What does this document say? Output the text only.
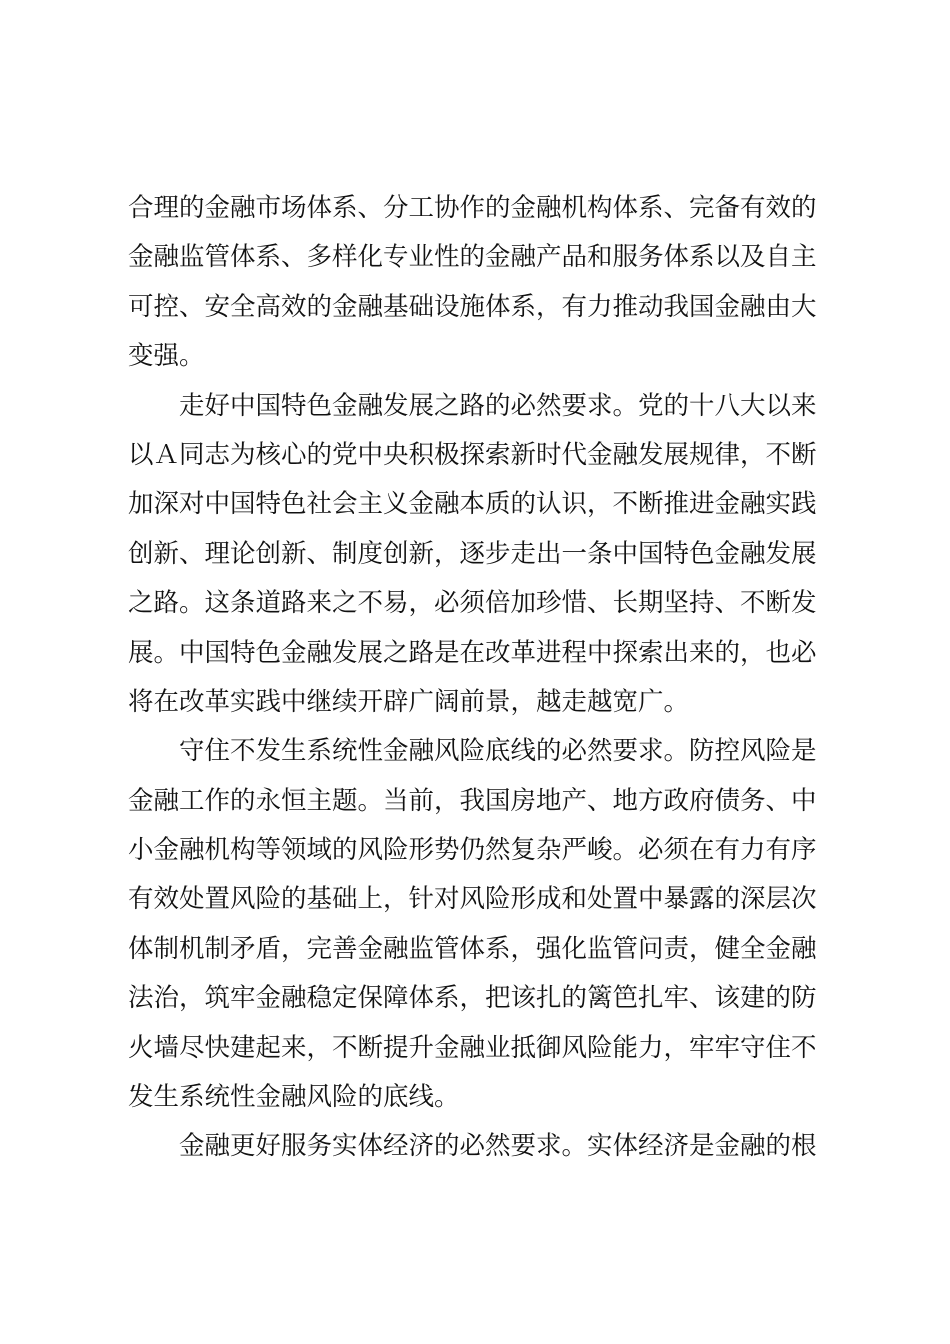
合理的金融市场体系、分工协作的金融机构体系、完备有效的
金融监管体系、多样化专业性的金融产品和服务体系以及自主
可控、安全高效的金融基础设施体系，有力推动我国金融由大
变强。
走好中国特色金融发展之路的必然要求。党的十八大以来
以Ａ同志为核心的党中央积极探索新时代金融发展规律，不断
加深对中国特色社会主义金融本质的认识，不断推进金融实践
创新、理论创新、制度创新，逐步走出一条中国特色金融发展
之路。这条道路来之不易，必须倍加珍惜、长期坚持、不断发
展。中国特色金融发展之路是在改革进程中探索出来的，也必
将在改革实践中继续开辟广阔前景，越走越宽广。
守住不发生系统性金融风险底线的必然要求。防控风险是
金融工作的永恒主题。当前，我国房地产、地方政府债务、中
小金融机构等领域的风险形势仍然复杂严峻。必须在有力有序
有效处置风险的基础上，针对风险形成和处置中暴露的深层次
体制机制矛盾，完善金融监管体系，强化监管问责，健全金融
法治，筑牢金融稳定保障体系，把该扎的篱笆扎牢、该建的防
火墙尽快建起来，不断提升金融业抵御风险能力，牢牢守住不
发生系统性金融风险的底线。
金融更好服务实体经济的必然要求。实体经济是金融的根
